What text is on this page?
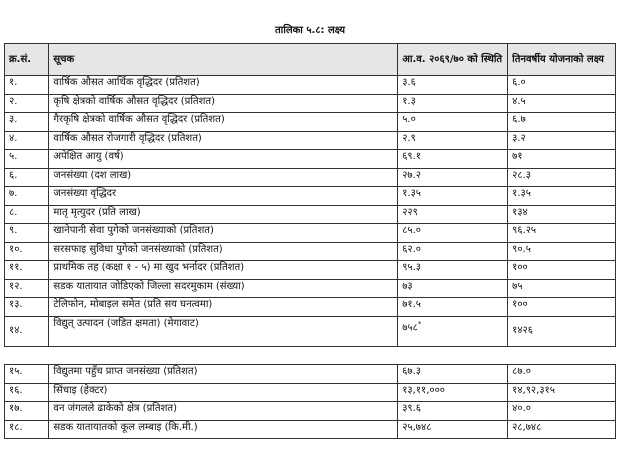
तालिका ५.८: लक्ष्य
क्र.सं.	सूचक	आ.व. २०६९/७० को स्थिति	तिनवर्षीय योजनाको लक्ष्य
१.	वार्षिक औसत आर्थिक वृद्धिदर (प्रतिशत)	३.६	६.०
२.	कृषि क्षेत्रको वार्षिक औसत वृद्धिदर (प्रतिशत)	१.३	४.५
३.	गैरकृषि क्षेत्रको वार्षिक औसत वृद्धिदर (प्रतिशत)	५.०	६.७
४.	वार्षिक औसत रोजगारी वृद्धिदर (प्रतिशत)	२.९	३.२
५.	अपेक्षित आयु (वर्ष)	६९.१	७१
६.	जनसंख्या (दश लाख)	२७.२	२८.३
७.	जनसंख्या वृद्धिदर	१.३५	१.३५
८.	मातृ मृत्युदर (प्रति लाख)	२२९	१३४
९.	खानेपानी सेवा पुगेको जनसंख्याको (प्रतिशत)	८५.०	९६.२५
१०.	सरसफाइ सुविधा पुगेको जनसंख्याको (प्रतिशत)	६२.०	९०.५
११.	प्राथमिक तह (कक्षा १ - ५) मा खुद भर्नादर (प्रतिशत)	९५.३	१००
१२.	सडक यातायात जोडिएको जिल्ला सदरमुकाम (संख्या)	७३	७५
१३.	टेलिफोन, मोबाइल समेत (प्रति सय घनत्वमा)	७१.५	१००
१४.	विद्युत् उत्पादन (जडित क्षमता) (मेगावाट)	७५८*	१४२६

१५.	विद्युतमा पहुँच प्राप्त जनसंख्या (प्रतिशत)	६७.३	८७.०
१६.	सिंचाइ (हेक्टर)	१३,११,०००	१४,९२,३१५
१७.	वन जंगलले ढाकेको क्षेत्र (प्रतिशत)	३९.६	४०.०
१८.	सडक यातायातको कूल लम्बाइ (कि.मी.)	२५,७४८	२८,७४८
